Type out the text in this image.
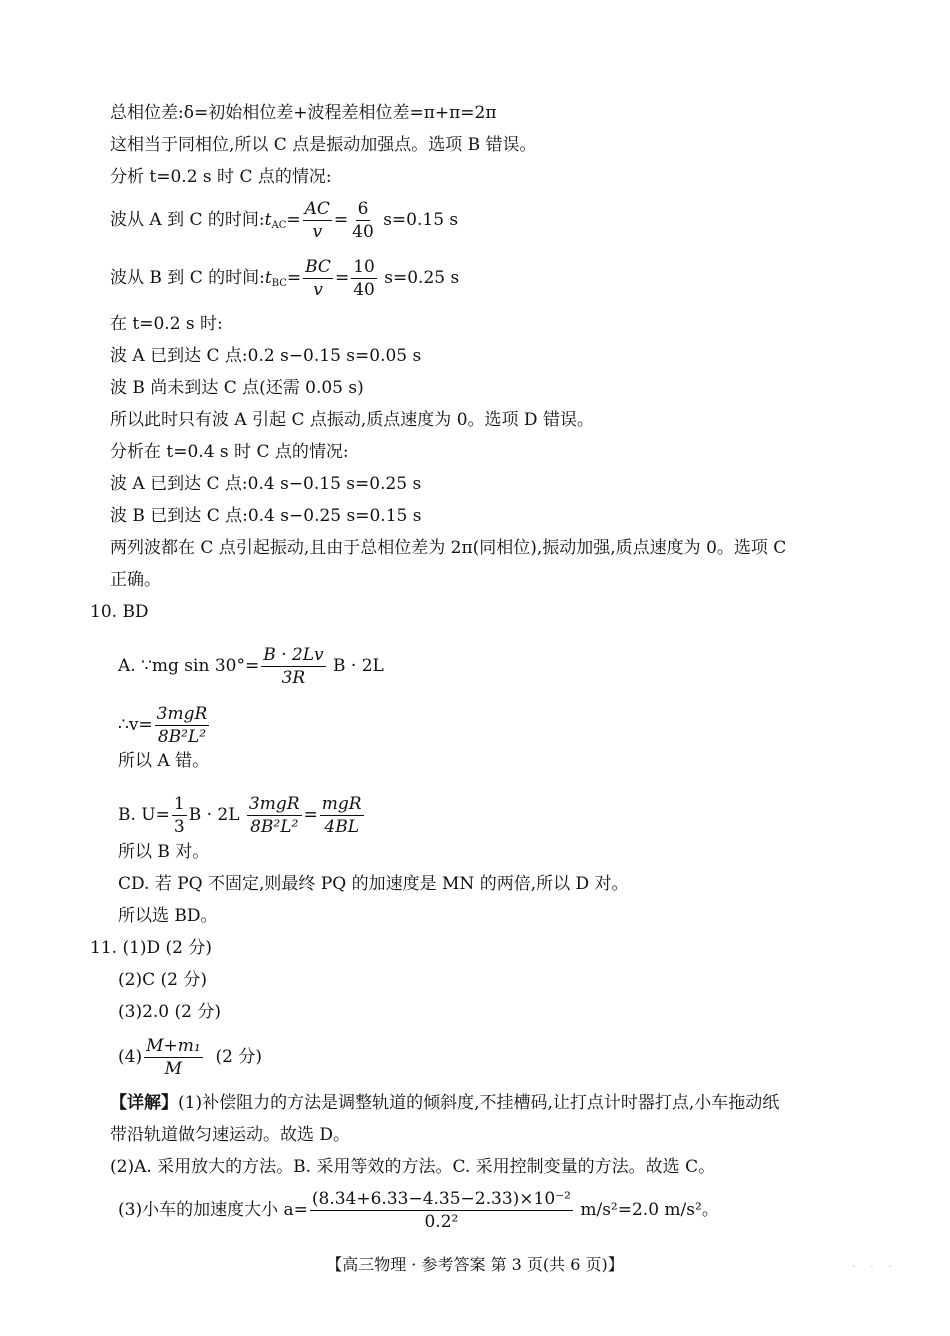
总相位差:δ=初始相位差+波程差相位差=π+π=2π
这相当于同相位,所以 C 点是振动加强点。选项 B 错误。
分析 t=0.2 s 时 C 点的情况:
波从 A 到 C 的时间$:t_{AC}= \frac{AC}{v} = \frac{6}{40} s=0.15$ s
波从 B 到 C 的时间$:t_{BC}= \frac{BC}{v} = \frac{10}{40} s=0.25$ s
在 t=0.2 s 时:
波 A 已到达 C 点:0.2 s−0.15 s=0.05 s
波 B 尚未到达 C 点(还需 0.05 s)
所以此时只有波 A 引起 C 点振动,质点速度为 0。选项 D 错误。
分析在 t=0.4 s 时 C 点的情况:
波 A 已到达 C 点:0.4 s−0.15 s=0.25 s
波 B 已到达 C 点:0.4 s−0.25 s=0.15 s
两列波都在 C 点引起振动,且由于总相位差为 2π(同相位),振动加强,质点速度为 0。选项 C
正确。
10. BD
A. ∵mg $\sin 30^\circ= \frac{B \cdot 2Lv}{3R}$ B · 2L
∴v= $\frac{\text{3mgR}}{\text{8B²L²}}$
所以 A 错。
B. $U= \frac{1}{3}$ $B \cdot 2L \frac{\text{3mgR}}{\text{8B²L²}} = \frac{\text{mgR}}{4BL}$
所以 B 对。
CD. 若 PQ 不固定,则最终 PQ 的加速度是 MN 的两倍,所以 D 对。
所以选 BD。
11. (1)D (2 分)
(2)C (2 分)
(3)2.0 (2 分)
$(4) \frac{\text{M+m₁}}{M} (2$ 分)
【详解】(1)补偿阻力的方法是调整轨道的倾斜度,不挂槽码,让打点计时器打点,小车拖动纸
带沿轨道做匀速运动。故选 D。
(2)A. 采用放大的方法。B. 采用等效的方法。C. 采用控制变量的方法。故选 C。
(3)小车的加速度大小 $a= \frac{\text{(8.34+6.33−4.35−2.33)×10⁻²}}{\text{0.2²}} m/s^2=2.0$ m/s²。
【高三物理 · 参考答案 第 3 页(共 6 页)】	· · ·
